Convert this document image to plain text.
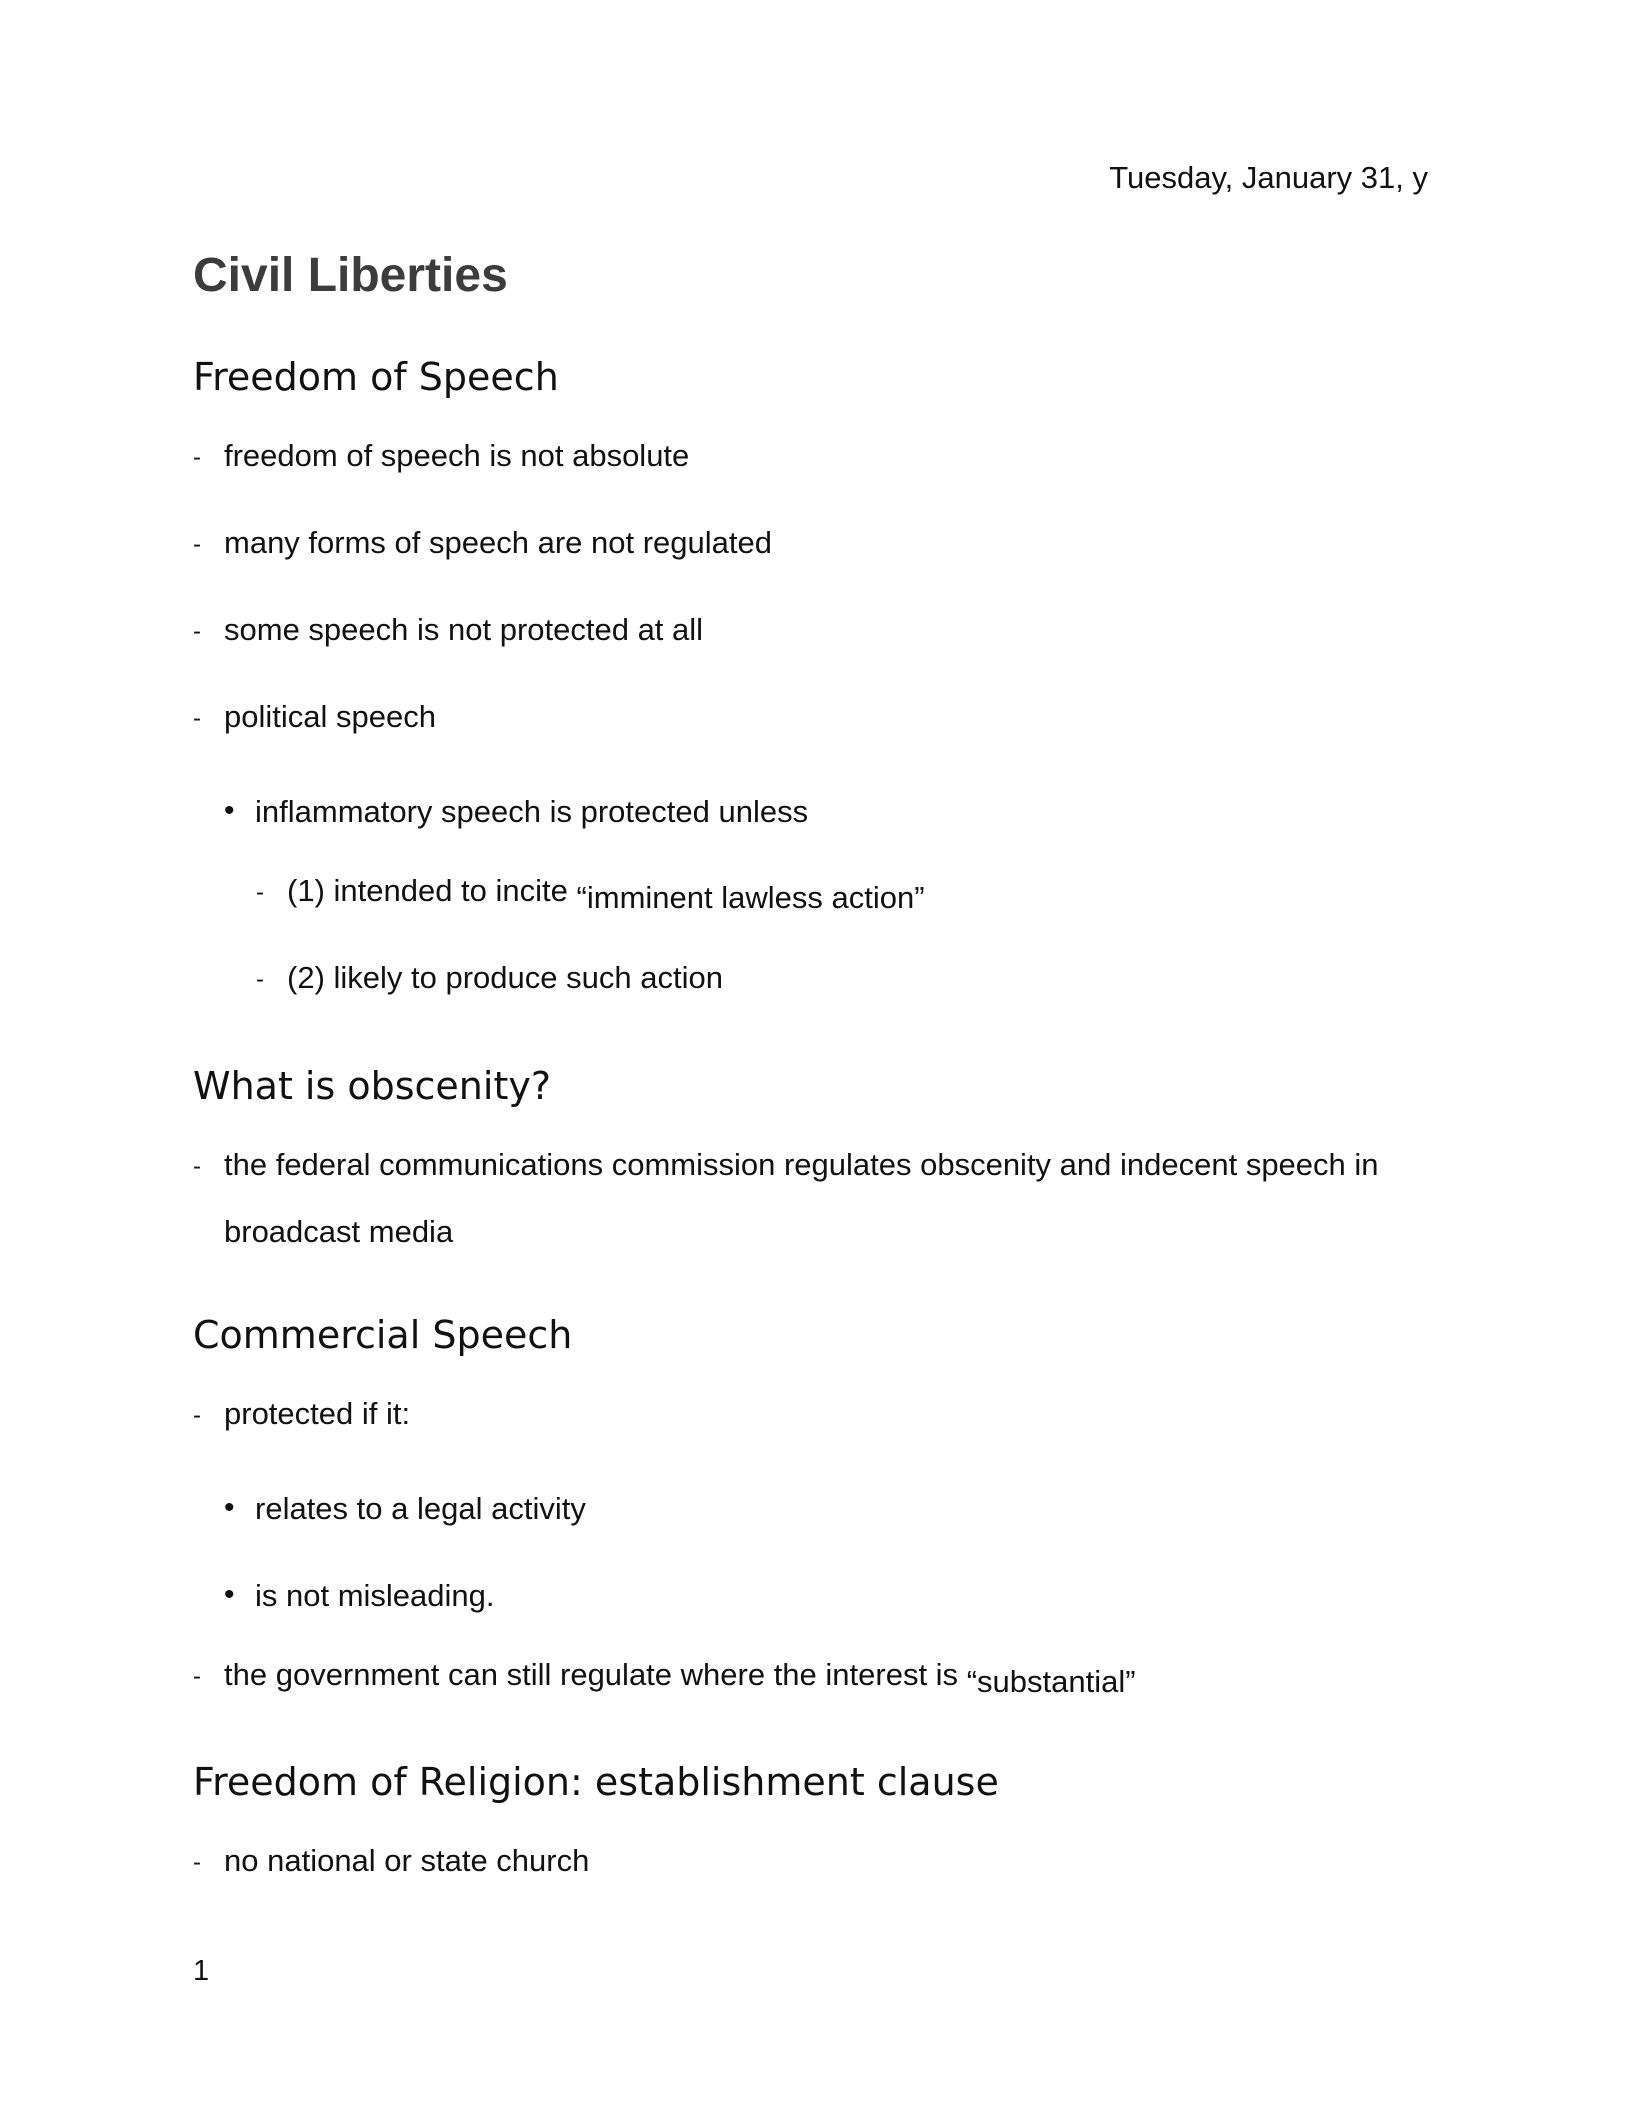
Tuesday, January 31, y
Civil Liberties
Freedom of Speech
- freedom of speech is not absolute
- many forms of speech are not regulated
- some speech is not protected at all
- political speech
• inflammatory speech is protected unless
- (1) intended to incite “imminent lawless action”
- (2) likely to produce such action
What is obscenity?
- the federal communications commission regulates obscenity and indecent speech in
broadcast media
Commercial Speech
- protected if it:
• relates to a legal activity
• is not misleading.
- the government can still regulate where the interest is “substantial”
Freedom of Religion: establishment clause
- no national or state church
1
